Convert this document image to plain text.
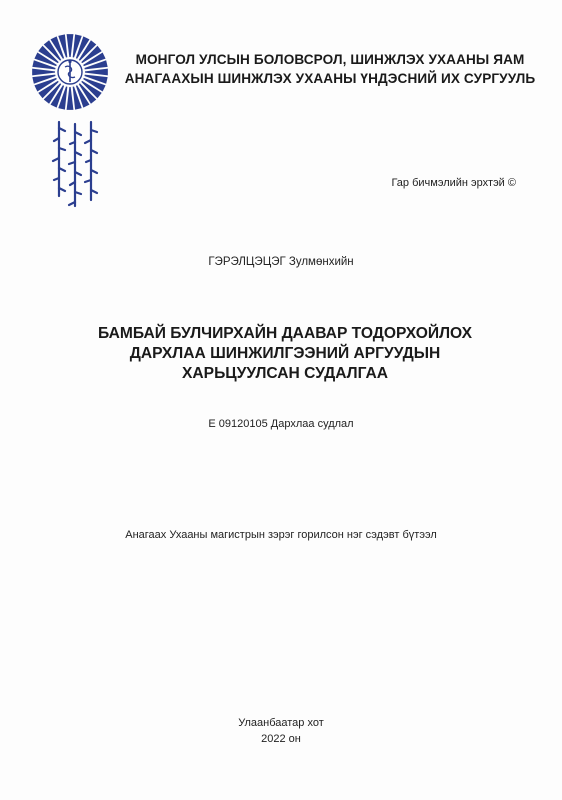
МОНГОЛ УЛСЫН БОЛОВСРОЛ, ШИНЖЛЭХ УХААНЫ ЯАМ
АНАГААХЫН ШИНЖЛЭХ УХААНЫ ҮНДЭСНИЙ ИХ СУРГУУЛЬ
Гар бичмэлийн эрхтэй ©
ГЭРЭЛЦЭЦЭГ Зулмөнхийн
БАМБАЙ БУЛЧИРХАЙН ДААВАР ТОДОРХОЙЛОХ
ДАРХЛАА ШИНЖИЛГЭЭНИЙ АРГУУДЫН
ХАРЬЦУУЛСАН СУДАЛГАА
E 09120105 Дархлаа судлал
Анагаах Ухааны магистрын зэрэг горилсон нэг сэдэвт бүтээл
Улаанбаатар хот
2022 он
